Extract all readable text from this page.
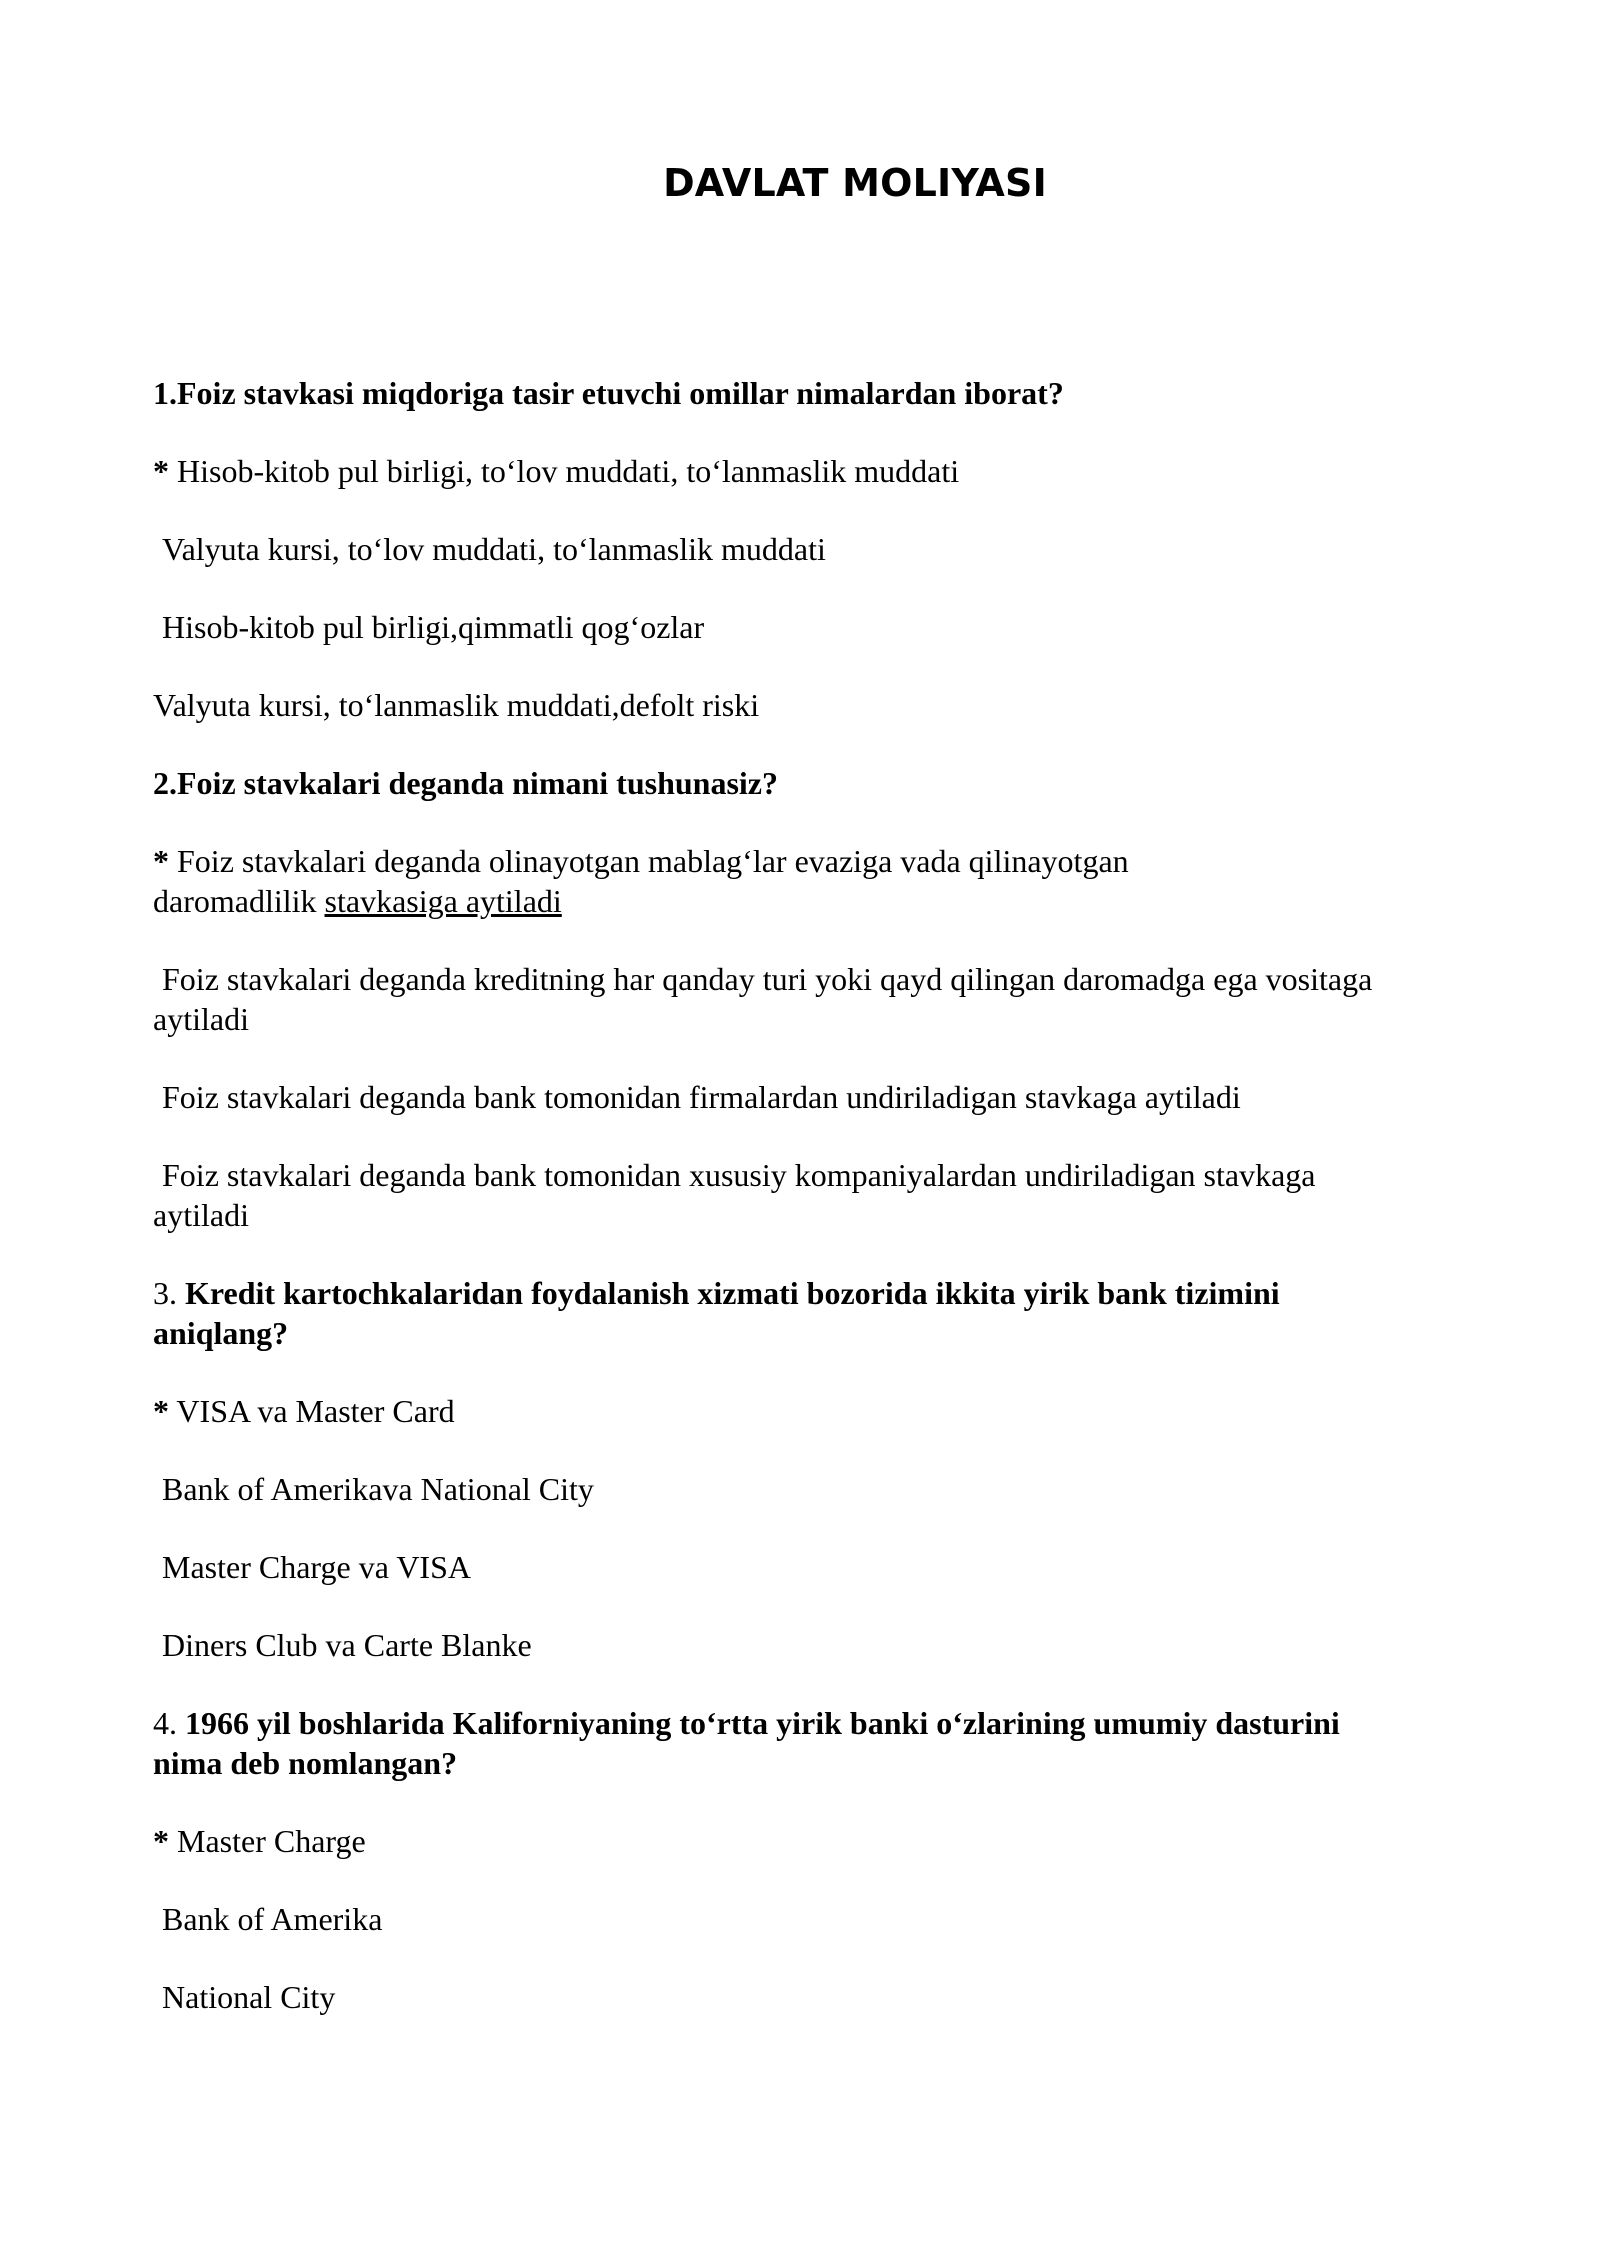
DAVLAT MOLIYASI
1.Foiz stavkasi miqdoriga tasir etuvchi omillar nimalardan iborat?
* Hisob-kitob pul birligi, to‘lov muddati, to‘lanmaslik muddati
Valyuta kursi, to‘lov muddati, to‘lanmaslik muddati
Hisob-kitob pul birligi,qimmatli qog‘ozlar
Valyuta kursi, to‘lanmaslik muddati,defolt riski
2.Foiz stavkalari deganda nimani tushunasiz?
* Foiz stavkalari deganda olinayotgan mablag‘lar evaziga vada qilinayotgan
daromadlilik stavkasiga aytiladi
Foiz stavkalari deganda kreditning har qanday turi yoki qayd qilingan daromadga ega vositaga
aytiladi
Foiz stavkalari deganda bank tomonidan firmalardan undiriladigan stavkaga aytiladi
Foiz stavkalari deganda bank tomonidan xususiy kompaniyalardan undiriladigan stavkaga
aytiladi
3. Kredit kartochkalaridan foydalanish xizmati bozorida ikkita yirik bank tizimini
aniqlang?
* VISA va Master Card
Bank of Amerikava National City
Master Charge va VISA
Diners Club va Carte Blanke
4. 1966 yil boshlarida Kaliforniyaning to‘rtta yirik banki o‘zlarining umumiy dasturini
nima deb nomlangan?
* Master Charge
Bank of Amerika
National City
